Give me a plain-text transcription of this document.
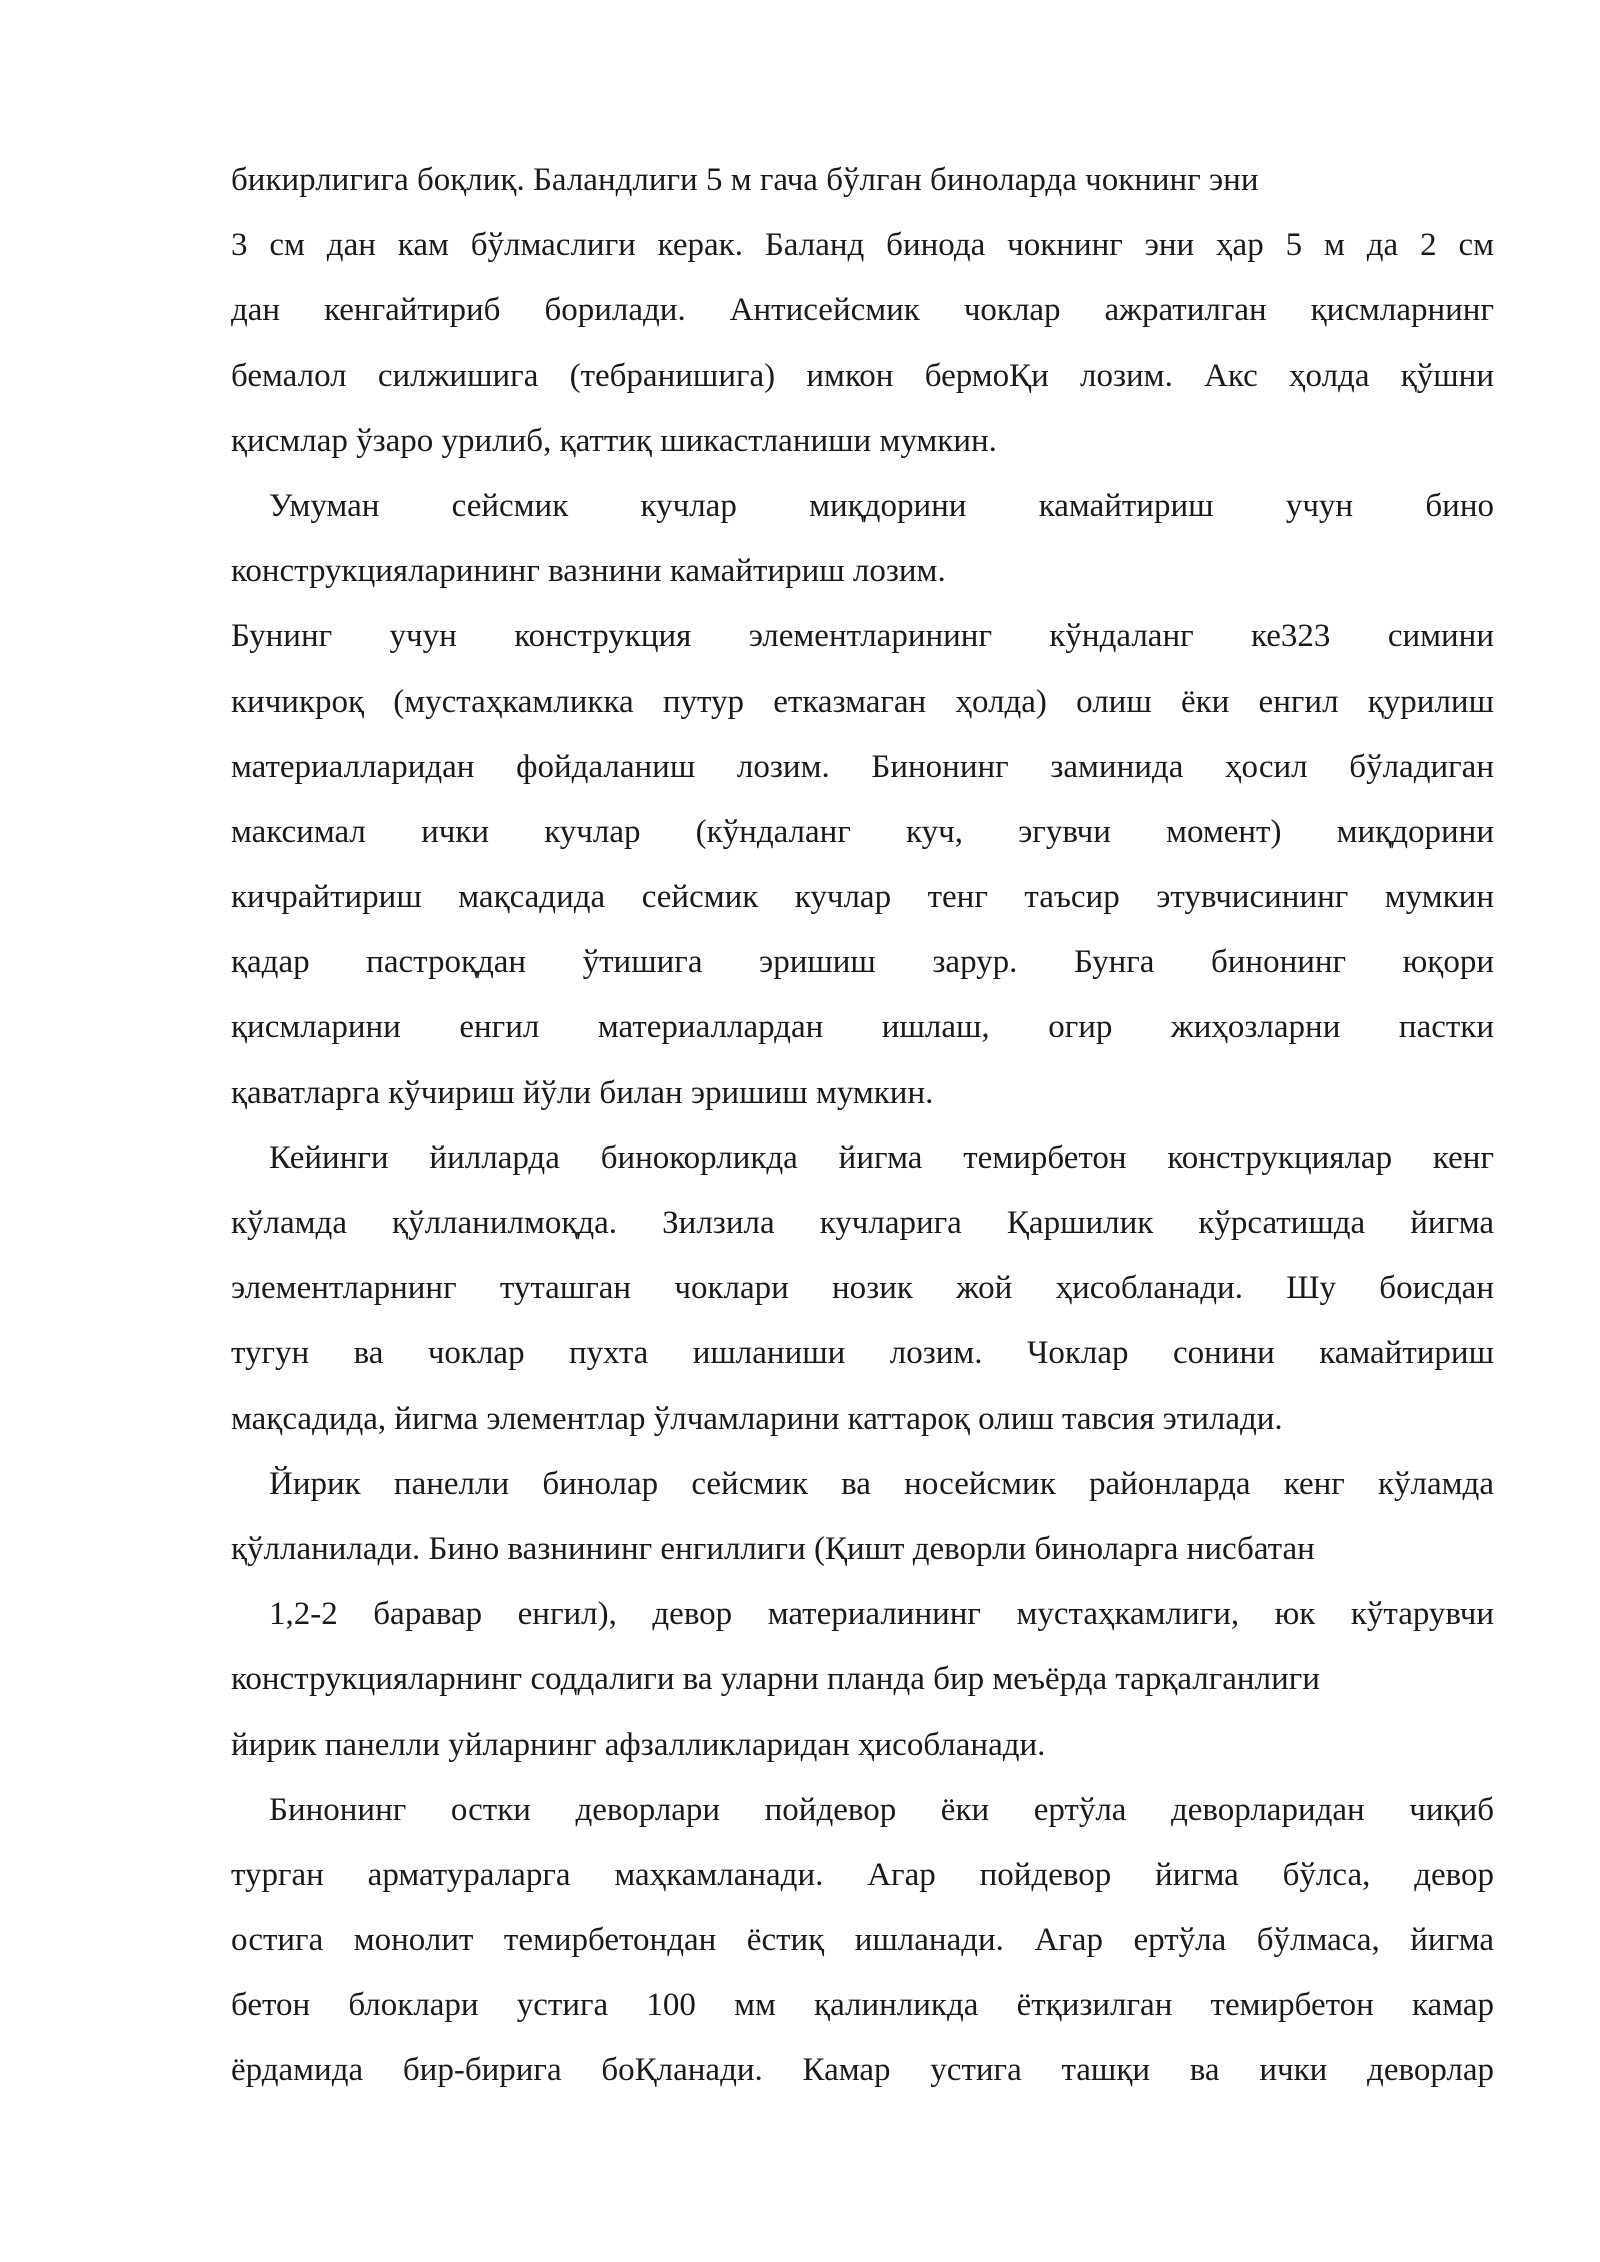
бикирлигига боқлиқ. Баландлиги 5 м гача бўлган биноларда чокнинг эни
3 см дан кам бўлмаслиги керак. Баланд бинода чокнинг эни ҳар 5 м да 2 см
дан кенгайтириб борилади. Антисейсмик чоклар ажратилган қисмларнинг
бемалол силжишига (тебранишига) имкон бермоҚи лозим. Акс ҳолда қўшни
қисмлар ўзаро урилиб, қаттиқ шикастланиши мумкин.
Умуман сейсмик кучлар миқдорини камайтириш учун бино
конструкцияларининг вазнини камайтириш лозим.
Бунинг учун конструкция элементларининг кўндаланг ке323 симини
кичикроқ (мустаҳкамликка путур етказмаган ҳолда) олиш ёки енгил қурилиш
материалларидан фойдаланиш лозим. Бинонинг заминида ҳосил бўладиган
максимал ички кучлар (кўндаланг куч, эгувчи момент) миқдорини
кичрайтириш мақсадида сейсмик кучлар тенг таъсир этувчисининг мумкин
қадар пастроқдан ўтишига эришиш зарур. Бунга бинонинг юқори
қисмларини енгил материаллардан ишлаш, огир жиҳозларни пастки
қаватларга кўчириш йўли билан эришиш мумкин.
Кейинги йилларда бинокорликда йигма темирбетон конструкциялар кенг
кўламда қўлланилмоқда. Зилзила кучларига Қаршилик кўрсатишда йигма
элементларнинг туташган чоклари нозик жой ҳисобланади. Шу боисдан
тугун ва чоклар пухта ишланиши лозим. Чоклар сонини камайтириш
мақсадида, йигма элементлар ўлчамларини каттароқ олиш тавсия этилади.
Йирик панелли бинолар сейсмик ва носейсмик районларда кенг кўламда
қўлланилади. Бино вазнининг енгиллиги (Қишт деворли биноларга нисбатан
1,2-2 баравар енгил), девор материалининг мустаҳкамлиги, юк кўтарувчи
конструкцияларнинг соддалиги ва уларни планда бир меъёрда тарқалганлиги
йирик панелли уйларнинг афзалликларидан ҳисобланади.
Бинонинг остки деворлари пойдевор ёки ертўла деворларидан чиқиб
турган арматураларга маҳкамланади. Агар пойдевор йигма бўлса, девор
остига монолит темирбетондан ёстиқ ишланади. Агар ертўла бўлмаса, йигма
бетон блоклари устига 100 мм қалинликда ётқизилган темирбетон камар
ёрдамида бир-бирига боҚланади. Камар устига ташқи ва ички деворлар
